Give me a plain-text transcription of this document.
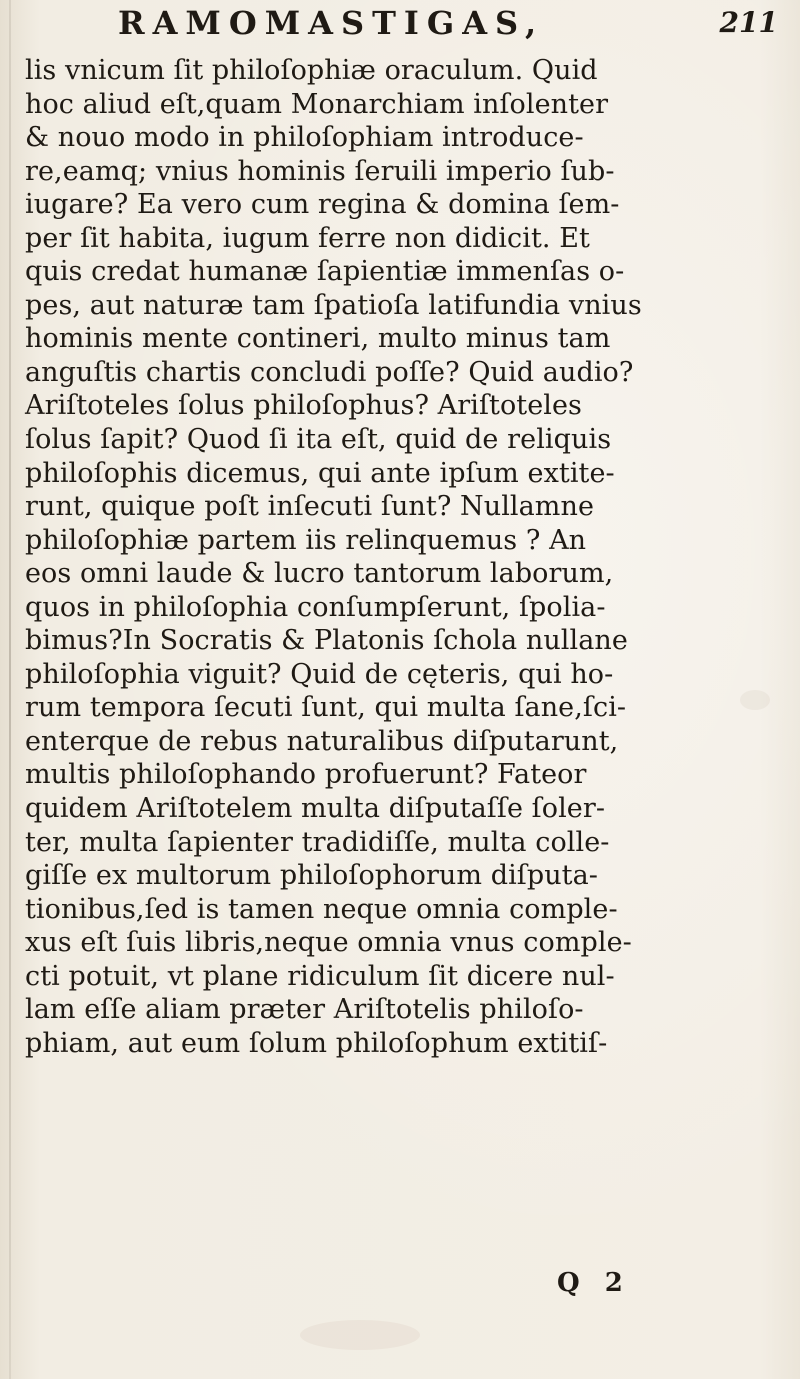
RAMOMASTIGAS,	211
lis vnicum ſit philoſophiæ oraculum. Quid
hoc aliud eſt,quam Monarchiam inſolenter
& nouo modo in philoſophiam introduce-
re,eamq; vnius hominis ſeruili imperio ſub-
iugare? Ea vero cum regina & domina ſem-
per ſit habita, iugum ferre non didicit. Et
quis credat humanæ ſapientiæ immenſas o-
pes, aut naturæ tam ſpatioſa latifundia vnius
hominis mente contineri, multo minus tam
anguſtis chartis concludi poſſe? Quid audio?
Ariſtoteles ſolus philoſophus? Ariſtoteles
ſolus ſapit? Quod ſi ita eſt, quid de reliquis
philoſophis dicemus, qui ante ipſum extite-
runt, quique poſt inſecuti ſunt? Nullamne
philoſophiæ partem iis relinquemus ? An
eos omni laude & lucro tantorum laborum,
quos in philoſophia conſumpſerunt, ſpolia-
bimus?In Socratis & Platonis ſchola nullane
philoſophia viguit? Quid de cęteris, qui ho-
rum tempora ſecuti ſunt, qui multa ſane,ſci-
enterque de rebus naturalibus diſputarunt,
multis philoſophando profuerunt? Fateor
quidem Ariſtotelem multa diſputaſſe ſoler-
ter, multa ſapienter tradidiſſe, multa colle-
giſſe ex multorum philoſophorum diſputa-
tionibus,ſed is tamen neque omnia comple-
xus eſt ſuis libris,neque omnia vnus comple-
cti potuit, vt plane ridiculum ſit dicere nul-
lam eſſe aliam præter Ariſtotelis philoſo-
phiam, aut eum ſolum philoſophum extitiſ-
Q 2
